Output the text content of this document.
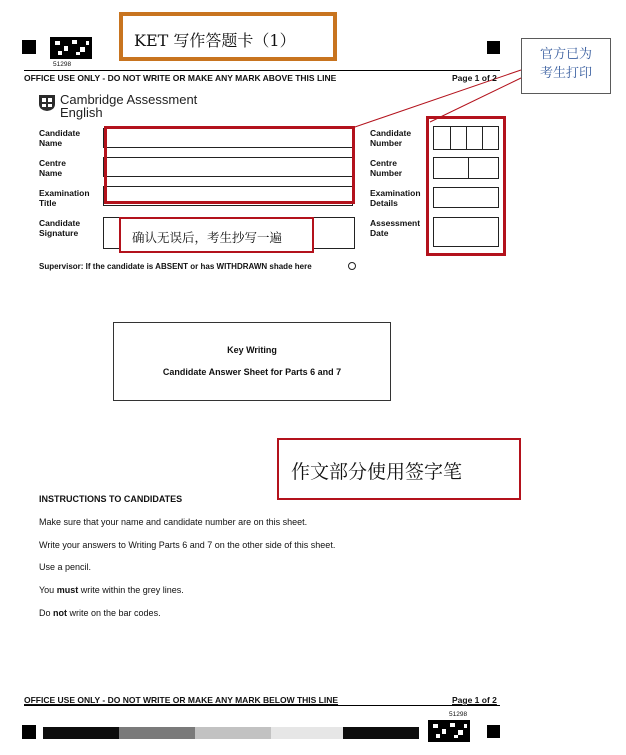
51298
KET 写作答题卡（1）
官方已为
考生打印
OFFICE USE ONLY - DO NOT WRITE OR MAKE ANY MARK ABOVE THIS LINE	Page 1 of 2
Cambridge Assessment
English
Candidate
Name
Centre
Name
Examination
Title
Candidate
Signature	确认无误后，考生抄写一遍
Candidate
Number
Centre
Number
Examination
Details
Assessment
Date
Supervisor: If the candidate is ABSENT or has WITHDRAWN shade here
Key Writing
Candidate Answer Sheet for Parts 6 and 7
作文部分使用签字笔
INSTRUCTIONS TO CANDIDATES
Make sure that your name and candidate number are on this sheet.
Write your answers to Writing Parts 6 and 7 on the other side of this sheet.
Use a pencil.
You must write within the grey lines.
Do not write on the bar codes.
OFFICE USE ONLY - DO NOT WRITE OR MAKE ANY MARK BELOW THIS LINE	Page 1 of 2
51298
